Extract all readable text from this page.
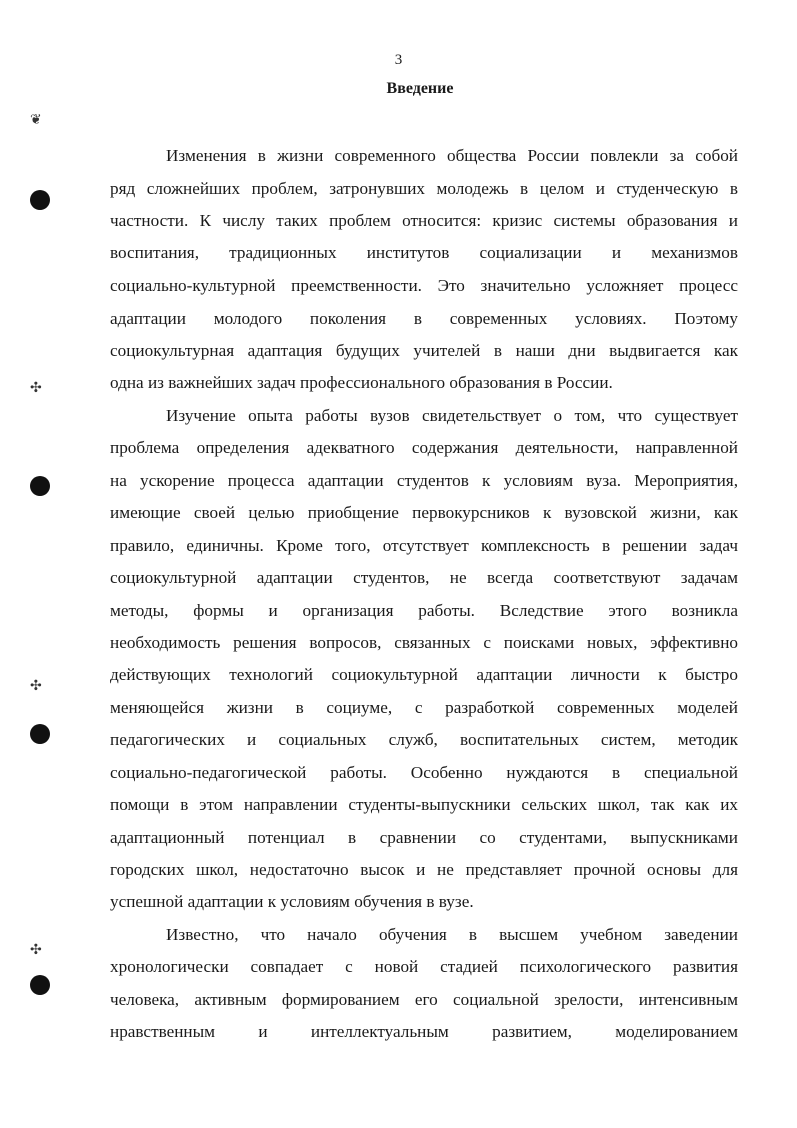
3
Введение
❦
✣
✣
✣
Изменения в жизни современного общества России повлекли за собой
ряд сложнейших проблем, затронувших молодежь в целом и студенческую в
частности. К числу таких проблем относится: кризис системы образования и
воспитания, традиционных институтов социализации и механизмов
социально-культурной преемственности. Это значительно усложняет процесс
адаптации молодого поколения в современных условиях. Поэтому
социокультурная адаптация будущих учителей в наши дни выдвигается как
одна из важнейших задач профессионального образования в России.
Изучение опыта работы вузов свидетельствует о том, что существует
проблема определения адекватного содержания деятельности, направленной
на ускорение процесса адаптации студентов к условиям вуза. Мероприятия,
имеющие своей целью приобщение первокурсников к вузовской жизни, как
правило, единичны. Кроме того, отсутствует комплексность в решении задач
социокультурной адаптации студентов, не всегда соответствуют задачам
методы, формы и организация работы. Вследствие этого возникла
необходимость решения вопросов, связанных с поисками новых, эффективно
действующих технологий социокультурной адаптации личности к быстро
меняющейся жизни в социуме, с разработкой современных моделей
педагогических и социальных служб, воспитательных систем, методик
социально-педагогической работы. Особенно нуждаются в специальной
помощи в этом направлении студенты-выпускники сельских школ, так как их
адаптационный потенциал в сравнении со студентами, выпускниками
городских школ, недостаточно высок и не представляет прочной основы для
успешной адаптации к условиям обучения в вузе.
Известно, что начало обучения в высшем учебном заведении
хронологически совпадает с новой стадией психологического развития
человека, активным формированием его социальной зрелости, интенсивным
нравственным и интеллектуальным развитием, моделированием
